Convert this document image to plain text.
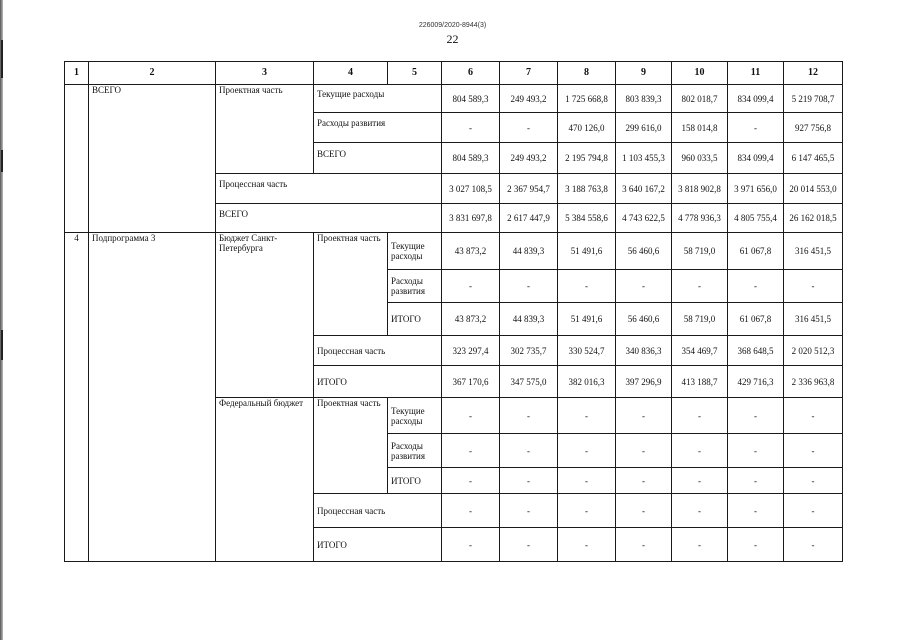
226009/2020-8944(3)
22
1	2	3	4	5	6	7	8	9	10	11	12
	ВСЕГО	Проектная часть	Текущие расходы		804 589,3	249 493,2	1 725 668,8	803 839,3	802 018,7	834 099,4	5 219 708,7
			Расходы развития		-	-	470 126,0	299 616,0	158 014,8	-	927 756,8
			ВСЕГО		804 589,3	249 493,2	2 195 794,8	1 103 455,3	960 033,5	834 099,4	6 147 465,5
		Процессная часть			3 027 108,5	2 367 954,7	3 188 763,8	3 640 167,2	3 818 902,8	3 971 656,0	20 014 553,0
		ВСЕГО			3 831 697,8	2 617 447,9	5 384 558,6	4 743 622,5	4 778 936,3	4 805 755,4	26 162 018,5
4	Подпрограмма 3	Бюджет Санкт-Петербурга	Проектная часть	Текущие расходы	43 873,2	44 839,3	51 491,6	56 460,6	58 719,0	61 067,8	316 451,5
				Расходы развития	-	-	-	-	-	-	-
				ИТОГО	43 873,2	44 839,3	51 491,6	56 460,6	58 719,0	61 067,8	316 451,5
			Процессная часть		323 297,4	302 735,7	330 524,7	340 836,3	354 469,7	368 648,5	2 020 512,3
			ИТОГО		367 170,6	347 575,0	382 016,3	397 296,9	413 188,7	429 716,3	2 336 963,8
		Федеральный бюджет	Проектная часть	Текущие расходы	-	-	-	-	-	-	-
				Расходы развития	-	-	-	-	-	-	-
				ИТОГО	-	-	-	-	-	-	-
			Процессная часть		-	-	-	-	-	-	-
			ИТОГО		-	-	-	-	-	-	-
